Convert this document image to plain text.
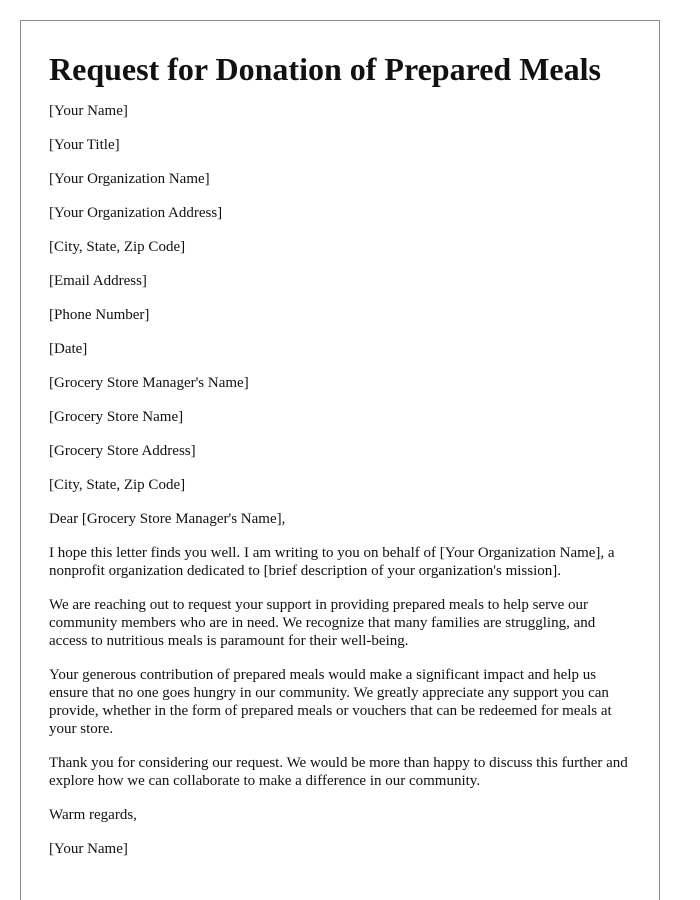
Request for Donation of Prepared Meals
[Your Name]
[Your Title]
[Your Organization Name]
[Your Organization Address]
[City, State, Zip Code]
[Email Address]
[Phone Number]
[Date]
[Grocery Store Manager's Name]
[Grocery Store Name]
[Grocery Store Address]
[City, State, Zip Code]
Dear [Grocery Store Manager's Name],

I hope this letter finds you well. I am writing to you on behalf of [Your Organization Name], a nonprofit organization dedicated to [brief description of your organization's mission].

We are reaching out to request your support in providing prepared meals to help serve our community members who are in need. We recognize that many families are struggling, and access to nutritious meals is paramount for their well-being.

Your generous contribution of prepared meals would make a significant impact and help us ensure that no one goes hungry in our community. We greatly appreciate any support you can provide, whether in the form of prepared meals or vouchers that can be redeemed for meals at your store.

Thank you for considering our request. We would be more than happy to discuss this further and explore how we can collaborate to make a difference in our community.

Warm regards,
[Your Name]
